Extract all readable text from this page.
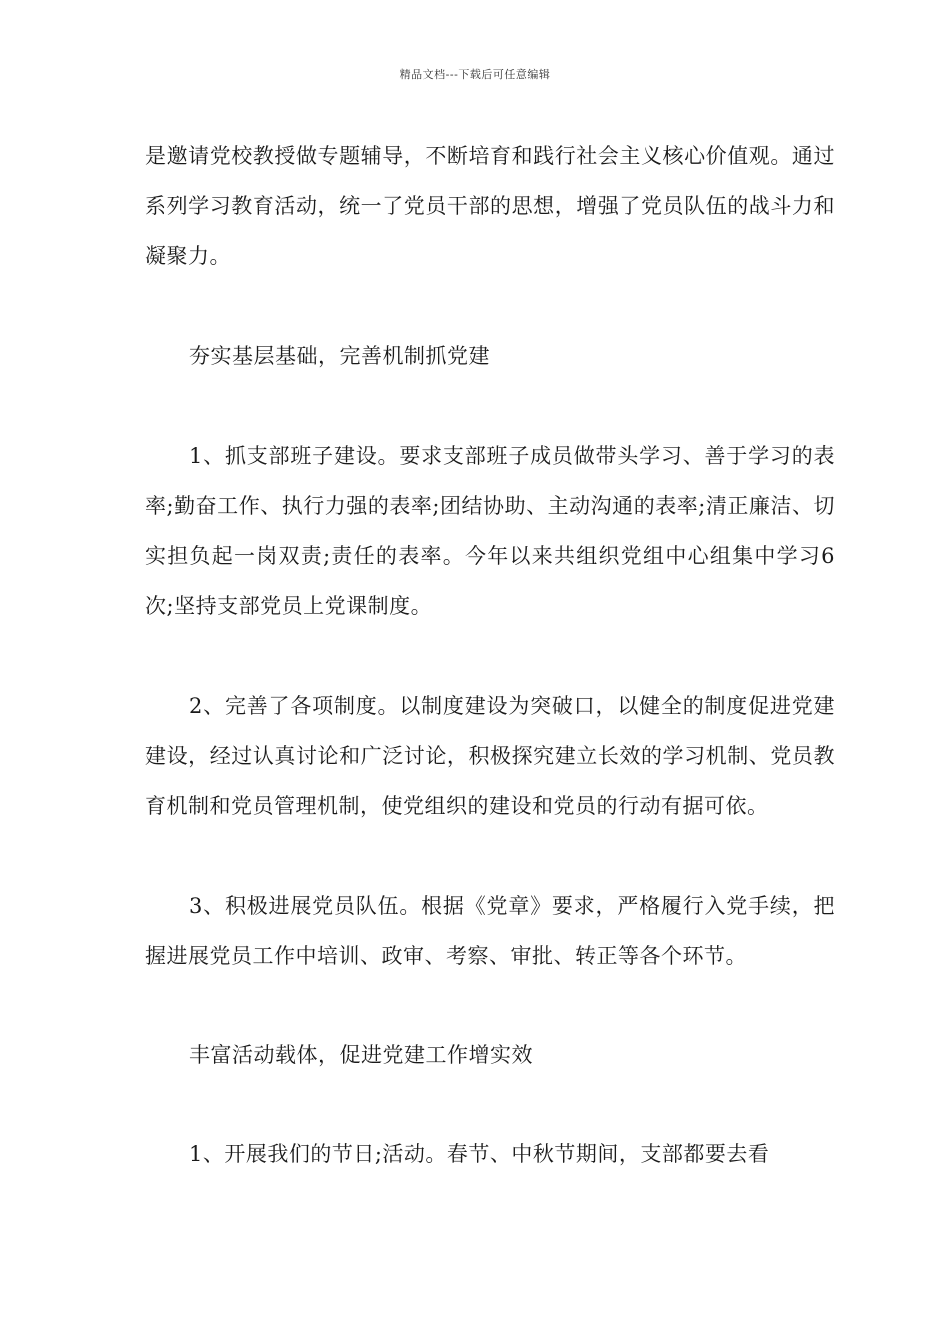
精品文档---下载后可任意编辑

是邀请党校教授做专题辅导，不断培育和践行社会主义核心价值观。通过系列学习教育活动，统一了党员干部的思想，增强了党员队伍的战斗力和凝聚力。

夯实基层基础，完善机制抓党建

1、抓支部班子建设。要求支部班子成员做带头学习、善于学习的表率;勤奋工作、执行力强的表率;团结协助、主动沟通的表率;清正廉洁、切实担负起一岗双责;责任的表率。今年以来共组织党组中心组集中学习6次;坚持支部党员上党课制度。

2、完善了各项制度。以制度建设为突破口，以健全的制度促进党建建设，经过认真讨论和广泛讨论，积极探究建立长效的学习机制、党员教育机制和党员管理机制，使党组织的建设和党员的行动有据可依。

3、积极进展党员队伍。根据《党章》要求，严格履行入党手续，把握进展党员工作中培训、政审、考察、审批、转正等各个环节。

丰富活动载体，促进党建工作增实效

1、开展我们的节日;活动。春节、中秋节期间，支部都要去看
